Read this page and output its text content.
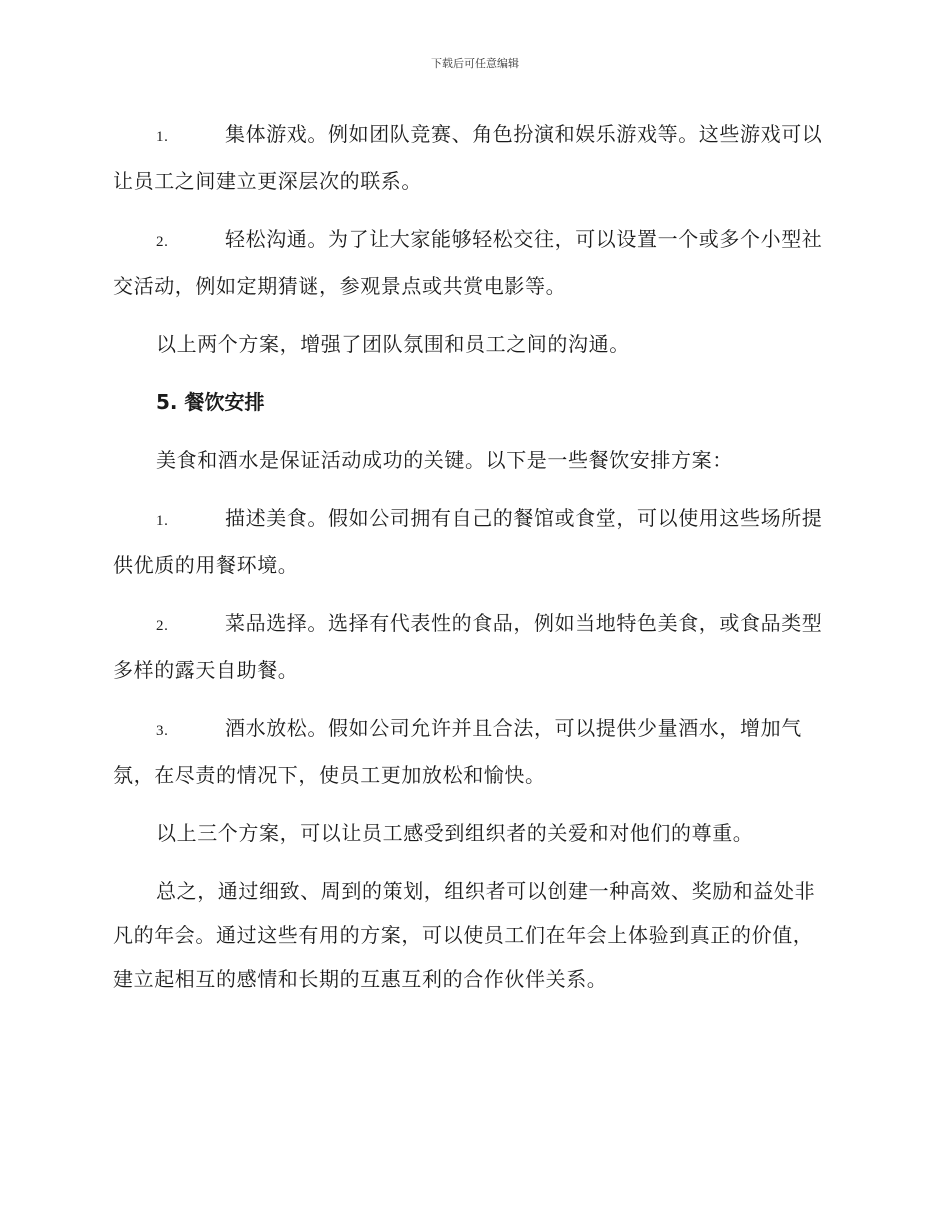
下载后可任意编辑

1.	集体游戏。例如团队竞赛、角色扮演和娱乐游戏等。这些游戏可以让员工之间建立更深层次的联系。

2.	轻松沟通。为了让大家能够轻松交往，可以设置一个或多个小型社交活动，例如定期猜谜，参观景点或共赏电影等。

以上两个方案，增强了团队氛围和员工之间的沟通。

5. 餐饮安排

美食和酒水是保证活动成功的关键。以下是一些餐饮安排方案：

1.	描述美食。假如公司拥有自己的餐馆或食堂，可以使用这些场所提供优质的用餐环境。

2.	菜品选择。选择有代表性的食品，例如当地特色美食，或食品类型多样的露天自助餐。

3.	酒水放松。假如公司允许并且合法，可以提供少量酒水，增加气氛，在尽责的情况下，使员工更加放松和愉快。

以上三个方案，可以让员工感受到组织者的关爱和对他们的尊重。

总之，通过细致、周到的策划，组织者可以创建一种高效、奖励和益处非凡的年会。通过这些有用的方案，可以使员工们在年会上体验到真正的价值，建立起相互的感情和长期的互惠互利的合作伙伴关系。
